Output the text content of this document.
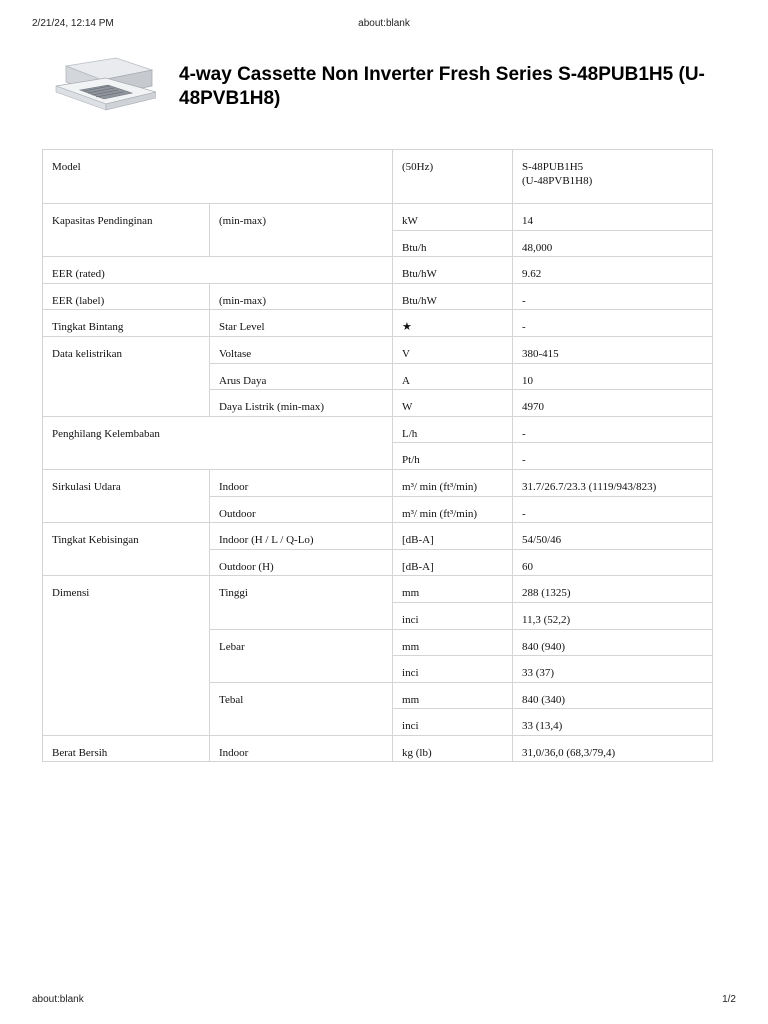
2/21/24, 12:14 PM	about:blank
4-way Cassette Non Inverter Fresh Series S-48PUB1H5 (U-48PVB1H8)
Model		(50Hz)	S-48PUB1H5
(U-48PVB1H8)

Kapasitas Pendinginan	(min-max)	kW	14
		Btu/h	48,000
EER (rated)		Btu/hW	9.62
EER (label)	(min-max)	Btu/hW	-
Tingkat Bintang	Star Level	★	-
Data kelistrikan	Voltase	V	380-415
	Arus Daya	A	10
	Daya Listrik (min-max)	W	4970
Penghilang Kelembaban		L/h	-
		Pt/h	-
Sirkulasi Udara	Indoor	m³/ min (ft³/min)	31.7/26.7/23.3 (1119/943/823)
	Outdoor	m³/ min (ft³/min)	-
Tingkat Kebisingan	Indoor (H / L / Q-Lo)	[dB-A]	54/50/46
	Outdoor (H)	[dB-A]	60
Dimensi	Tinggi	mm	288 (1325)
		inci	11,3 (52,2)
	Lebar	mm	840 (940)
		inci	33 (37)
	Tebal	mm	840 (340)
		inci	33 (13,4)
Berat Bersih	Indoor	kg (lb)	31,0/36,0 (68,3/79,4)
about:blank	1/2
